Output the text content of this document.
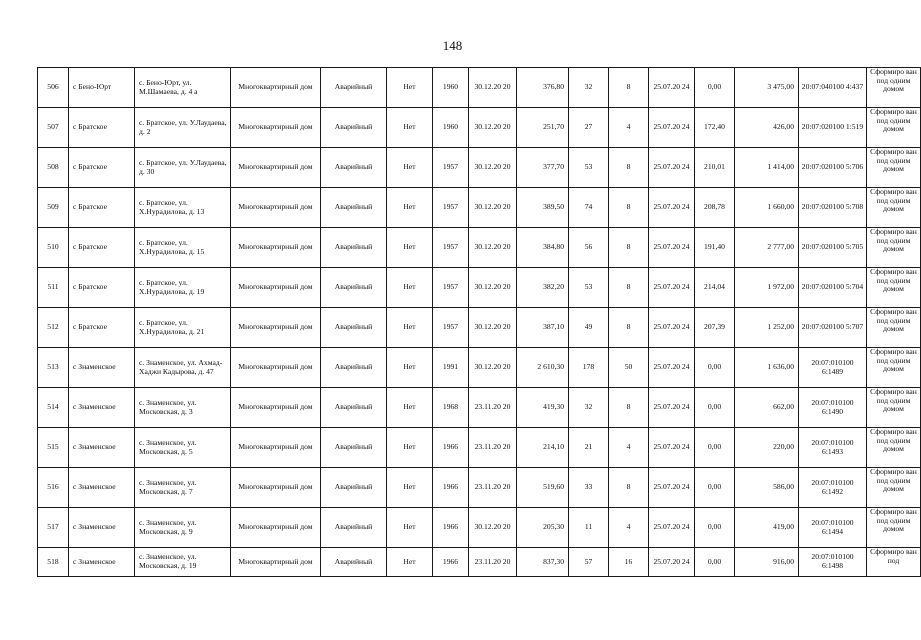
148
506	с Бено-Юрт	с. Бено-Юрт, ул. М.Шамаева, д. 4 а	Многоквартирный дом	Аварийный	Нет	1960	30.12.20 20	376,80	32	8	25.07.20 24	0,00	3 475,00	20:07:040100 4:437	Сформиро ван под одним домом
507	с Братское	с. Братское, ул. У.Лаудаева, д. 2	Многоквартирный дом	Аварийный	Нет	1960	30.12.20 20	251,70	27	4	25.07.20 24	172,40	426,00	20:07:020100 1:519	Сформиро ван под одним домом
508	с Братское	с. Братское, ул. У.Лаудаева, д. 30	Многоквартирный дом	Аварийный	Нет	1957	30.12.20 20	377,70	53	8	25.07.20 24	210,01	1 414,00	20:07:020100 5:706	Сформиро ван под одним домом
509	с Братское	с. Братское, ул. Х.Нурадилова, д. 13	Многоквартирный дом	Аварийный	Нет	1957	30.12.20 20	389,50	74	8	25.07.20 24	208,78	1 660,00	20:07:020100 5:708	Сформиро ван под одним домом
510	с Братское	с. Братское, ул. Х.Нурадилова, д. 15	Многоквартирный дом	Аварийный	Нет	1957	30.12.20 20	384,80	56	8	25.07.20 24	191,40	2 777,00	20:07:020100 5:705	Сформиро ван под одним домом
511	с Братское	с. Братское, ул. Х.Нурадилова, д. 19	Многоквартирный дом	Аварийный	Нет	1957	30.12.20 20	382,20	53	8	25.07.20 24	214,04	1 972,00	20:07:020100 5:704	Сформиро ван под одним домом
512	с Братское	с. Братское, ул. Х.Нурадилова, д. 21	Многоквартирный дом	Аварийный	Нет	1957	30.12.20 20	387,10	49	8	25.07.20 24	207,39	1 252,00	20:07:020100 5:707	Сформиро ван под одним домом
513	с Знаменское	с. Знаменское, ул. Ахмад-Хаджи Кадырова, д. 47	Многоквартирный дом	Аварийный	Нет	1991	30.12.20 20	2 610,30	178	50	25.07.20 24	0,00	1 636,00	20:07:010100 6:1489	Сформиро ван под одним домом
514	с Знаменское	с. Знаменское, ул. Московская, д. 3	Многоквартирный дом	Аварийный	Нет	1968	23.11.20 20	419,30	32	8	25.07.20 24	0,00	662,00	20:07:010100 6:1490	Сформиро ван под одним домом
515	с Знаменское	с. Знаменское, ул. Московская, д. 5	Многоквартирный дом	Аварийный	Нет	1966	23.11.20 20	214,10	21	4	25.07.20 24	0,00	220,00	20:07:010100 6:1493	Сформиро ван под одним домом
516	с Знаменское	с. Знаменское, ул. Московская, д. 7	Многоквартирный дом	Аварийный	Нет	1966	23.11.20 20	519,60	33	8	25.07.20 24	0,00	586,00	20:07:010100 6:1492	Сформиро ван под одним домом
517	с Знаменское	с. Знаменское, ул. Московская, д. 9	Многоквартирный дом	Аварийный	Нет	1966	30.12.20 20	205,30	11	4	25.07.20 24	0,00	419,00	20:07:010100 6:1494	Сформиро ван под одним домом
518	с Знаменское	с. Знаменское, ул. Московская, д. 19	Многоквартирный дом	Аварийный	Нет	1966	23.11.20 20	837,30	57	16	25.07.20 24	0,00	916,00	20:07:010100 6:1498	Сформиро ван под
